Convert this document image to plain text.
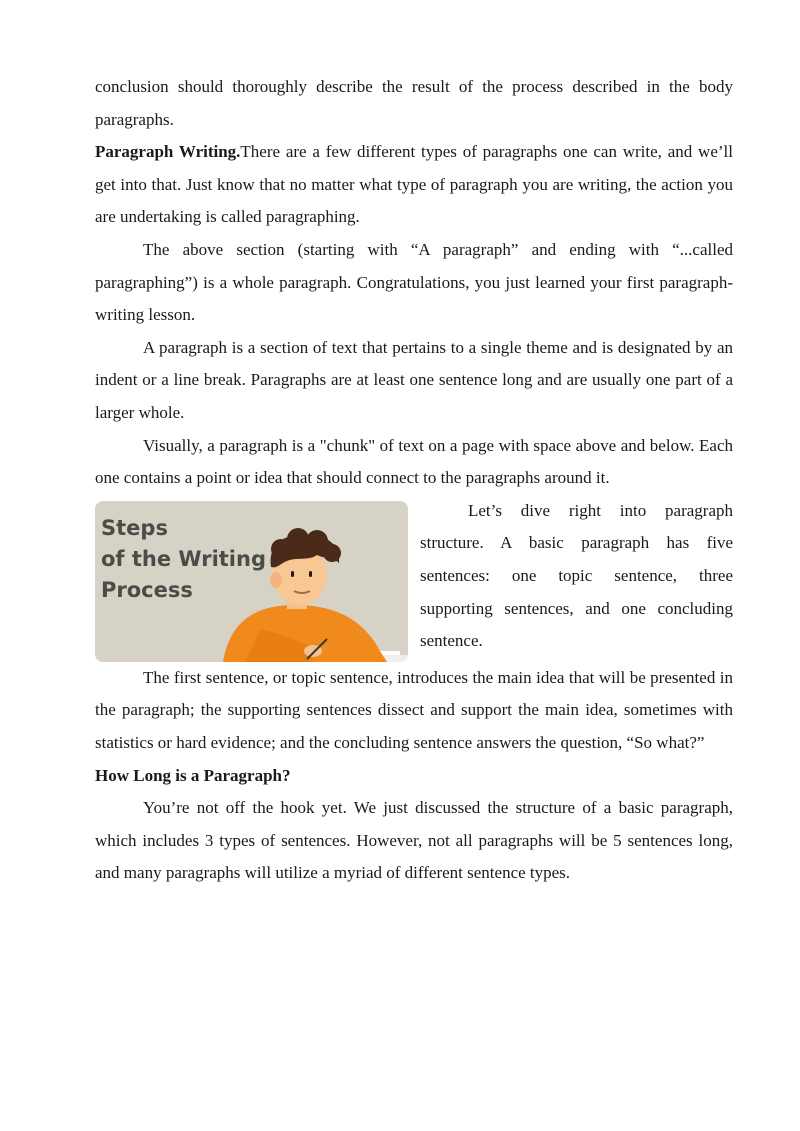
conclusion should thoroughly describe the result of the process described in the body paragraphs.

Paragraph Writing.There are a few different types of paragraphs one can write, and we’ll get into that. Just know that no matter what type of paragraph you are writing, the action you are undertaking is called paragraphing.

The above section (starting with “A paragraph” and ending with “...called paragraphing”) is a whole paragraph. Congratulations, you just learned your first paragraph-writing lesson.

A paragraph is a section of text that pertains to a single theme and is designated by an indent or a line break. Paragraphs are at least one sentence long and are usually one part of a larger whole.

Visually, a paragraph is a "chunk" of text on a page with space above and below. Each one contains a point or idea that should connect to the paragraphs around it.

Steps
of the Writing
Process

Let’s dive right into paragraph structure. A basic paragraph has five sentences: one topic sentence, three supporting sentences, and one concluding sentence.

The first sentence, or topic sentence, introduces the main idea that will be presented in the paragraph; the supporting sentences dissect and support the main idea, sometimes with statistics or hard evidence; and the concluding sentence answers the question, “So what?”

How Long is a Paragraph?

You’re not off the hook yet. We just discussed the structure of a basic paragraph, which includes 3 types of sentences. However, not all paragraphs will be 5 sentences long, and many paragraphs will utilize a myriad of different sentence types.
